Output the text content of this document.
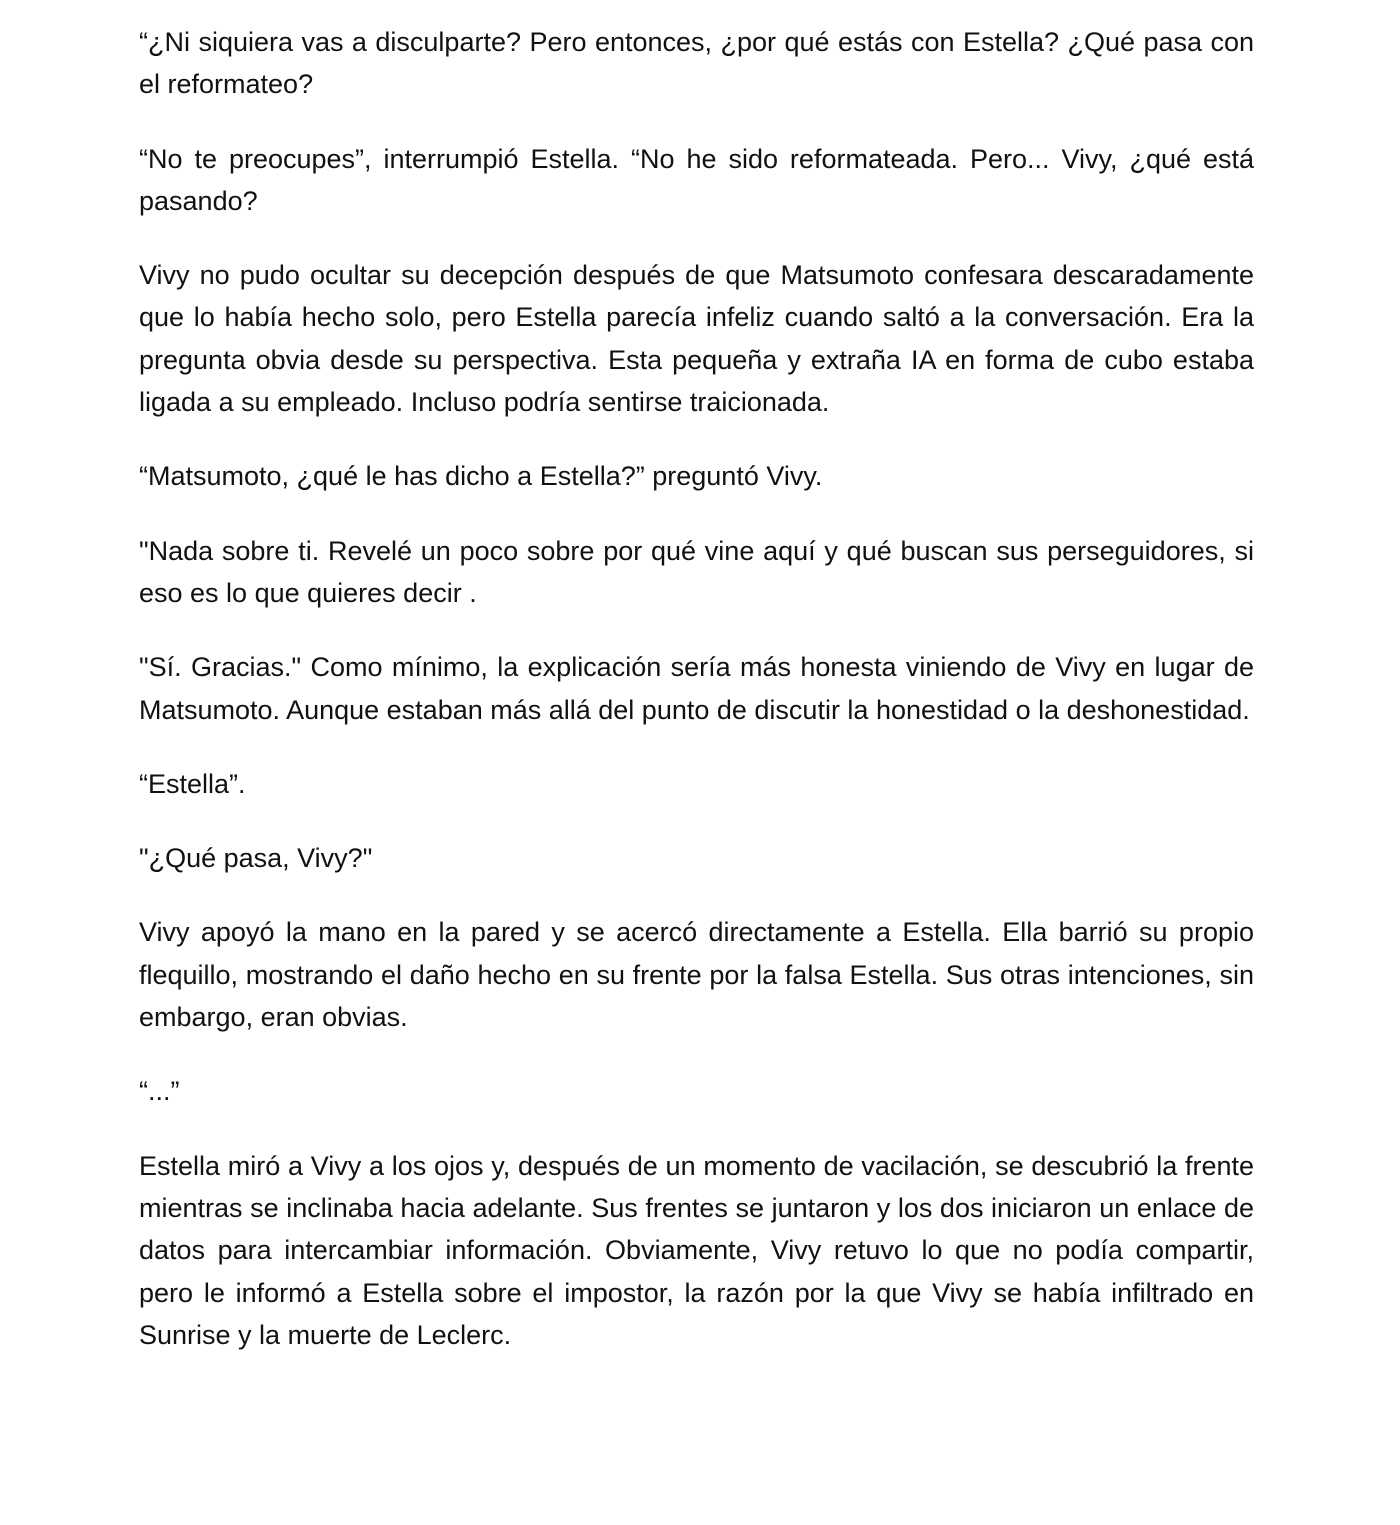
“¿Ni siquiera vas a disculparte? Pero entonces, ¿por qué estás con Estella? ¿Qué pasa con el reformateo?

“No te preocupes”, interrumpió Estella. “No he sido reformateada. Pero... Vivy, ¿qué está pasando?

Vivy no pudo ocultar su decepción después de que Matsumoto confesara descaradamente que lo había hecho solo, pero Estella parecía infeliz cuando saltó a la conversación. Era la pregunta obvia desde su perspectiva. Esta pequeña y extraña IA en forma de cubo estaba ligada a su empleado. Incluso podría sentirse traicionada.

“Matsumoto, ¿qué le has dicho a Estella?” preguntó Vivy.

"Nada sobre ti. Revelé un poco sobre por qué vine aquí y qué buscan sus perseguidores, si eso es lo que quieres decir .

"Sí. Gracias." Como mínimo, la explicación sería más honesta viniendo de Vivy en lugar de Matsumoto. Aunque estaban más allá del punto de discutir la honestidad o la deshonestidad.

“Estella”.

"¿Qué pasa, Vivy?"

Vivy apoyó la mano en la pared y se acercó directamente a Estella. Ella barrió su propio flequillo, mostrando el daño hecho en su frente por la falsa Estella. Sus otras intenciones, sin embargo, eran obvias.

“...”

Estella miró a Vivy a los ojos y, después de un momento de vacilación, se descubrió la frente mientras se inclinaba hacia adelante. Sus frentes se juntaron y los dos iniciaron un enlace de datos para intercambiar información. Obviamente, Vivy retuvo lo que no podía compartir, pero le informó a Estella sobre el impostor, la razón por la que Vivy se había infiltrado en Sunrise y la muerte de Leclerc.
